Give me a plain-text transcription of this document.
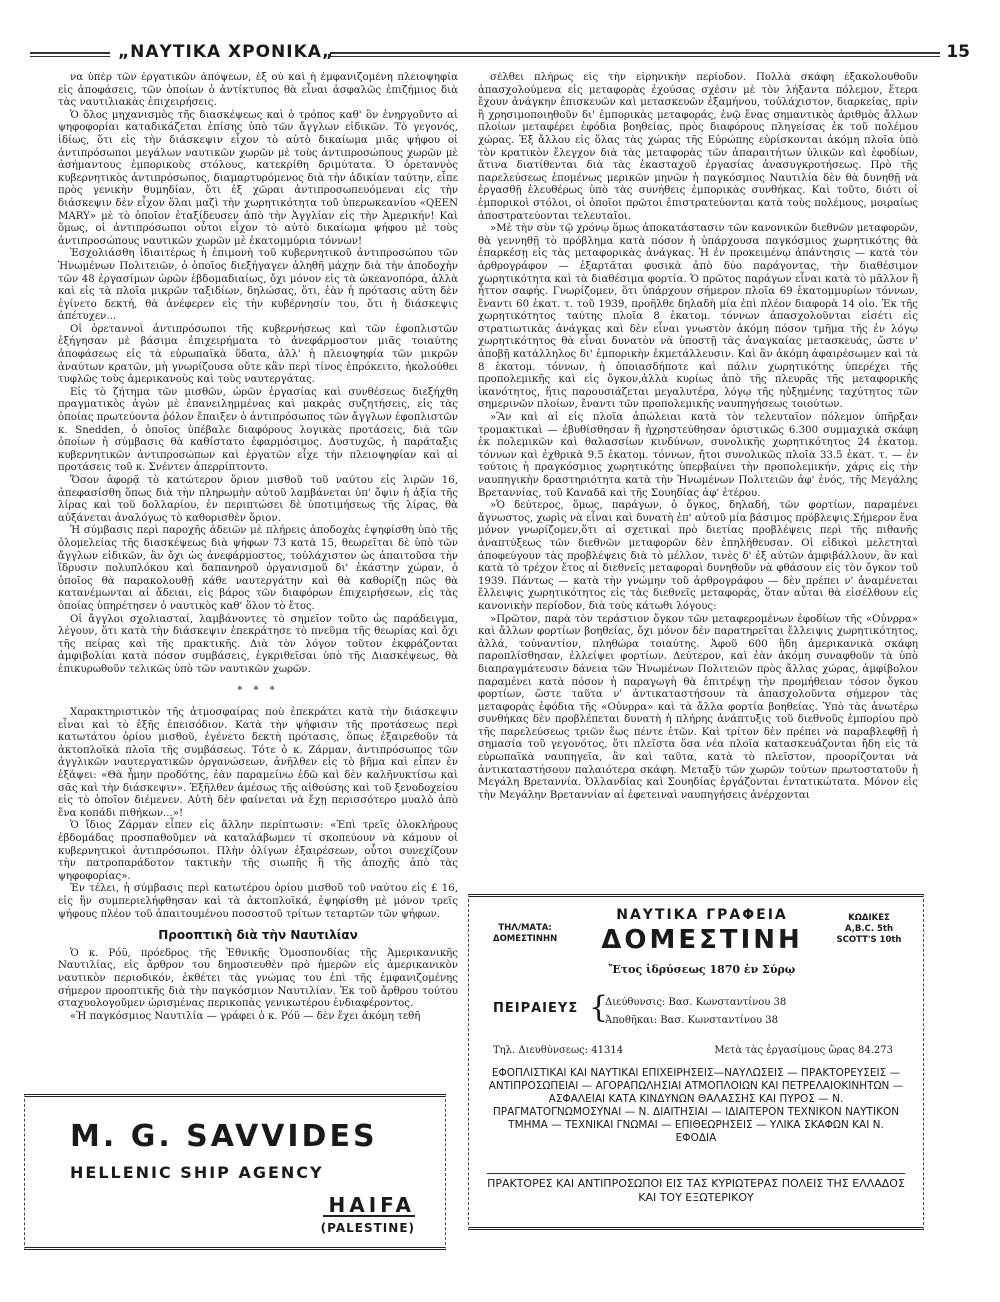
„ΝΑΥΤΙΚΑ ΧΡΟΝΙΚΑ„	15

να ὑπὲρ τῶν ἐργατικῶν ἀπόψεων, ἐξ οὗ καὶ ἡ ἐμφανιζομένη πλειοψηφία εἰς ἀποφάσεις, τῶν ὁποίων ὁ ἀντίκτυπος θὰ εἶναι ἀσφαλῶς ἐπιζήμιος διὰ τὰς ναυτιλιακὰς ἐπιχειρήσεις.

Ὁ ὅλος μηχανισμὸς τῆς διασκέψεως καὶ ὁ τρόπος καθ' ὃν ἐνηργοῦντο αἱ ψηφοφορίαι καταδικάζεται ἐπίσης ὑπὸ τῶν ἄγγλων εἰδικῶν. Τὸ γεγονός, ἰδίως, ὅτι εἰς τὴν διάσκεψιν εἶχον τὸ αὐτὸ δικαίωμα μιᾶς ψήφου οἱ ἀντιπρόσωποι μεγάλων ναυτικῶν χωρῶν μὲ τοὺς ἀντιπροσώπους χωρῶν μὲ ἀσήμαντους ἐμπορικοὺς στόλους, κατεκρίθη δριμύτατα. Ὁ ὁρεταννὸς κυβερνητικὸς ἀντιπρόσωπος, διαμαρτυρόμενος διὰ τὴν ἀδικίαν ταύτην, εἶπε πρὸς γενικὴν θυμηδίαν, ὅτι ἐξ χῶραι ἀντιπροσωπευόμεναι εἰς τὴν διάσκεψιν δὲν εἶχον ὅλαι μαζὶ τὴν χωρητικότητα τοῦ ὑπερωκεανίου «QEEN MARY» μὲ τὸ ὁποῖον ἐταξίδευσεν ἀπὸ τὴν Ἀγγλίαν εἰς τὴν Ἀμερικήν! Καὶ ὅμως, οἱ ἀντιπρόσωποι οὗτοι εἶχον τὸ αὐτὸ δικαίωμα ψήφου μὲ τοὺς ἀντιπροσώπους ναυτικῶν χωρῶν μὲ ἑκατομμύρια τόννων!

Ἐσχολιάσθη ἰδιαιτέρως ἡ ἐπιμονὴ τοῦ κυβερνητικοῦ ἀντιπροσώπου τῶν Ἡνωμένων Πολιτειῶν, ὁ ὁποῖος διεξήγαγεν ἀληθῆ μάχην διὰ τὴν ἀποδοχὴν τῶν 48 ἐργασίμων ὡρῶν ἑβδομαδιαίως, ὄχι μόνον εἰς τὰ ὠκεανοπόρα, ἀλλὰ καὶ εἰς τὰ πλοῖα μικρῶν ταξιδίων, δηλώσας, ὅτι, ἐὰν ἡ πρότασις αὕτη δὲν ἐγίνετο δεκτή, θὰ ἀνέφερεν εἰς τὴν κυβέρνησίν του, ὅτι ἡ διάσκεψις ἀπέτυχεν...

Οἱ ὁρεταννοὶ ἀντιπρόσωποι τῆς κυβερνήσεως καὶ τῶν ἐφοπλιστῶν ἐξήγησαν μὲ βάσιμα ἐπιχειρήματα τὸ ἀνεφάρμοστον μιᾶς τοιαύτης ἀποφάσεως εἰς τὰ εὐρωπαϊκὰ ὕδατα, ἀλλ' ἡ πλειοψηφία τῶν μικρῶν ἀναύτων κρατῶν, μὴ γνωρίζουσα οὔτε κἂν περὶ τίνος ἐπρόκειτο, ἠκολούθει τυφλῶς τοὺς ἀμερικανοὺς καὶ τοὺς ναυτεργάτας.

Εἰς τὸ ζήτημα τῶν μισθῶν, ὡρῶν ἐργασίας καὶ συνθέσεως διεξήχθη πραγματικὸς ἀγὼν μὲ ἐπανειλημμένας καὶ μακρὰς συζητήσεις, εἰς τὰς ὁποίας πρωτεύοντα ῥόλον ἔπαιξεν ὁ ἀντιπρόσωπος τῶν ἄγγλων ἐφοπλιστῶν κ. Snedden, ὁ ὁποῖος ὑπέβαλε διαφόρους λογικὰς προτάσεις, διὰ τῶν ὁποίων ἡ σύμβασις θὰ καθίστατο ἐφαρμόσιμος. Δυστυχῶς, ἡ παράταξις κυβερνητικῶν ἀντιπροσώπων καὶ ἐργατῶν εἶχε τὴν πλειοψηφίαν καὶ αἱ προτάσεις τοῦ κ. Σνέντεν ἀπερρίπτοντο.

Ὅσον ἀφορᾷ τὸ κατώτερον ὅριον μισθοῦ τοῦ ναύτου εἰς λιρῶν 16, ἀπεφασίσθη ὅπως διὰ τὴν πληρωμὴν αὐτοῦ λαμβάνεται ὑπ' ὄψιν ἡ ἀξία τῆς λίρας καὶ τοῦ δολλαρίου, ἐν περιπτώσει δὲ ὑποτιμήσεως τῆς λίρας, θὰ αὐξάνεται ἀναλόγως τὸ καθορισθὲν ὅριον.

Ἡ σύμβασις περὶ παροχῆς ἀδειῶν μὲ πλήρεις ἀποδοχὰς ἐψηφίσθη ὑπὸ τῆς ὁλομελείας τῆς διασκέψεως διὰ ψήφων 73 κατὰ 15, θεωρεῖται δὲ ὑπὸ τῶν ἄγγλων εἰδικῶν, ἂν ὄχι ὡς ἀνεφάρμοστος, τοὐλάχιστον ὡς ἀπαιτοῦσα τὴν ἵδρυσιν πολυπλόκου καὶ δαπανηροῦ ὀργανισμοῦ δι' ἑκάστην χώραν, ὁ ὁποῖος θὰ παρακολουθῇ κάθε ναυτεργάτην καὶ θὰ καθορίζῃ πῶς θὰ κατανέμωνται αἱ ἄδειαι, εἰς βάρος τῶν διαφόρων ἐπιχειρήσεων, εἰς τὰς ὁποίας ὑπηρέτησεν ὁ ναυτικὸς καθ' ὅλον τὸ ἔτος.

Οἱ ἄγγλοι σχολιασταί, λαμβάνοντες τὸ σημεῖον τοῦτο ὡς παράδειγμα, λέγουν, ὅτι κατὰ τὴν διάσκεψιν ἐπεκράτησε τὸ πνεῦμα τῆς θεωρίας καὶ ὄχι τῆς πείρας καὶ τῆς πρακτικῆς. Διὰ τὸν λόγον τοῦτον ἐκφράζονται ἀμφιβολίαι κατὰ πόσον συμβάσεις, ἐγκριθεῖσαι ὑπὸ τῆς Διασκέψεως, θὰ ἐπικυρωθοῦν τελικῶς ὑπὸ τῶν ναυτικῶν χωρῶν.

* * *

Χαρακτηριστικὸν τῆς ἀτμοσφαίρας ποὺ ἐπεκράτει κατὰ τὴν διάσκεψιν εἶναι καὶ τὸ ἑξῆς ἐπεισόδιον. Κατὰ τὴν ψήφισιν τῆς προτάσεως περὶ κατωτάτου ὁρίου μισθοῦ, ἐγένετο δεκτὴ πρότασις, ὅπως ἐξαιρεθοῦν τὰ ἀκτοπλοϊκὰ πλοῖα τῆς συμβάσεως. Τότε ὁ κ. Ζάρμαν, ἀντιπρόσωπος τῶν ἀγγλικῶν ναυτεργατικῶν ὀργανώσεων, ἀνῆλθεν εἰς τὸ βῆμα καὶ εἶπεν ἐν ἐξάψει: «Θὰ ἦμην προδότης, ἐὰν παραμείνω ἐδῶ καὶ δὲν καλῆνυκτίσω καὶ σᾶς καὶ τὴν διάσκεψιν». Ἐξῆλθεν ἀμέσως τῆς αἰθούσης καὶ τοῦ ξενοδοχείου εἰς τὸ ὁποῖον διέμενεν. Αὐτὴ δὲν φαίνεται νὰ ἔχῃ περισσότερο μυαλὸ ἀπὸ ἕνα κοπάδι πιθήκων...»!

Ὁ ἴδιος Ζάρμαν εἶπεν εἰς ἄλλην περίπτωσιν: «Ἐπὶ τρεῖς ὁλοκλήρους ἑβδομάδας προσπαθοῦμεν νὰ καταλάβωμεν τί σκοπεύουν νὰ κάμουν οἱ κυβερνητικοὶ ἀντιπρόσωποι. Πλὴν ὀλίγων ἐξαιρέσεων, οὗτοι συνεχίζουν τὴν πατροπαράδοτον τακτικὴν τῆς σιωπῆς ἢ τῆς ἀποχῆς ἀπὸ τὰς ψηφοφορίας».

Ἐν τέλει, ἡ σύμβασις περὶ κατωτέρου ὁρίου μισθοῦ τοῦ ναύτου εἰς £ 16, εἰς ἣν συμπεριελήφθησαν καὶ τὰ ἀκτοπλοϊκά, ἐψηφίσθη μὲ μόνον τρεῖς ψήφους πλέον τοῦ ἀπαιτουμένου ποσοστοῦ τρίτων τεταρτῶν τῶν ψήφων.

Προοπτικὴ διὰ τὴν Ναυτιλίαν

Ὁ κ. Ρόϋ, πρόεδρος τῆς Ἐθνικῆς Ὁμοσπονδίας τῆς Ἀμερικανικῆς Ναυτιλίας, εἰς ἄρθρον του δημοσιευθὲν πρὸ ἡμερῶν εἰς ἀμερικανικὸν ναυτικὸν περιοδικόν, ἐκθέτει τὰς γνώμας του ἐπὶ τῆς ἐμφανιζομένης σήμερον προοπτικῆς διὰ τὴν παγκόσμιον Ναυτιλίαν. Ἐκ τοῦ ἄρθρου τούτου σταχυολογοῦμεν ὡρισμένας περικοπὰς γενικωτέρου ἐνδιαφέροντος.

«Ἡ παγκόσμιος Ναυτιλία — γράφει ὁ κ. Ρόϋ — δὲν ἔχει ἀκόμη τεθῆ

σέλθει πλήρως εἰς τὴν εἰρηνικὴν περίοδον. Πολλὰ σκάφη ἐξακολουθοῦν ἀπασχολούμενα εἰς μεταφορὰς ἐχούσας σχέσιν μὲ τὸν λήξαντα πόλεμον, ἕτερα ἔχουν ἀνάγκην ἐπισκευῶν καὶ μετασκευῶν ἐξαμήνου, τοὐλάχιστον, διαρκείας, πρὶν ἢ χρησιμοποιηθοῦν δι' ἐμπορικὰς μεταφοράς, ἐνῷ ἕνας σημαντικὸς ἀριθμὸς ἄλλων πλοίων μεταφέρει ἐφόδια βοηθείας, πρὸς διαφόρους πληγείσας ἐκ τοῦ πολέμου χώρας. Ἐξ ἄλλου εἰς ὅλας τὰς χώρας τῆς Εὐρώπης εὑρίσκονται ἀκόμη πλοῖα ὑπὸ τὸν κρατικὸν ἔλεγχον διὰ τὰς μεταφορὰς τῶν ἀπαραιτήτων ὑλικῶν καὶ ἐφοδίων, ἅτινα διατίθενται διὰ τὰς ἑκασταχοῦ ἐργασίας ἀνασυγκροτήσεως. Πρὸ τῆς παρελεύσεως ἑπομένως μερικῶν μηνῶν ἡ παγκόσμιος Ναυτιλία δὲν θὰ δυνηθῇ νὰ ἐργασθῇ ἐλευθέρως ὑπὸ τὰς συνήθεις ἐμπορικὰς συνθήκας. Καὶ τοῦτο, διότι οἱ ἐμπορικοὶ στόλοι, οἱ ὁποῖοι πρῶτοι ἐπιστρατεύονται κατὰ τοὺς πολέμους, μοιραίως ἀποστρατεύονται τελευταῖοι.

»Μὲ τὴν σὺν τῷ χρόνῳ ὅμως ἀποκατάστασιν τῶν κανονικῶν διεθνῶν μεταφορῶν, θὰ γεννηθῇ τὸ πρόβλημα κατὰ πόσον ἡ ὑπάρχουσα παγκόσμιος χωρητικότης θὰ ἐπαρκέσῃ εἰς τὰς μεταφορικὰς ἀνάγκας. Ἡ ἐν προκειμένῳ ἀπάντησις — κατὰ τὸν ἀρθρογράφον — ἐξαρτᾶται φυσικὰ ἀπὸ δύο παράγοντας, τὴν διαθέσιμον χωρητικότητα καὶ τὰ διαθέσιμα φορτία. Ὁ πρῶτος παράγων εἶναι κατὰ τὸ μᾶλλον ἢ ἧττον σαφής. Γνωρίζομεν, ὅτι ὑπάρχουν σήμερον πλοῖα 69 ἑκατομμυρίων τόννων, ἔναντι 60 ἑκατ. τ. τοῦ 1939, προῆλθε δηλαδὴ μία ἐπὶ πλέον διαφορὰ 14 οἱο. Ἐκ τῆς χωρητικότητος ταύτης πλοῖα 8 ἑκατομ. τόννων ἀπασχολοῦνται εἰσέτι εἰς στρατιωτικὰς ἀνάγκας καὶ δὲν εἶναι γνωστὸν ἀκόμη πόσον τμῆμα τῆς ἐν λόγῳ χωρητικότητος θὰ εἶναι δυνατὸν νὰ ὑποστῇ τὰς ἀναγκαίας μετασκευάς, ὥστε ν' ἀποβῇ κατάλληλος δι' ἐμπορικὴν ἐκμετάλλευσιν. Καὶ ἂν ἀκόμη ἀφαιρέσωμεν καὶ τὰ 8 ἑκατομ. τόννων, ἡ ὁποιασδήποτε καὶ πάλιν χωρητικότης ὑπερέχει τῆς προπολεμικῆς καὶ εἰς ὄγκον,ἀλλὰ κυρίως ἀπὸ τῆς πλευρᾶς τῆς μεταφορικῆς ἱκανότητος, ἥτις παρουσιάζεται μεγαλυτέρα, λόγῳ τῆς ηὐξημένης ταχύτητος τῶν σημερινῶν πλοίων, ἔναντι τῶν προπολεμικῆς ναυπηγήσεως τοιούτων.

»Ἂν καὶ αἱ εἰς πλοῖα ἀπώλειαι κατὰ τὸν τελευταῖον πόλεμον ὑπῆρξαν τρομακτικαὶ — ἐβυθίσθησαν ἢ ἠχρηστεύθησαν ὁριστικῶς 6.300 συμμαχικὰ σκάφη ἐκ πολεμικῶν καὶ θαλασσίων κινδύνων, συνολικῆς χωρητικότητος 24 ἑκατομ. τόννων καὶ ἐχθρικὰ 9.5 ἑκατομ. τόννων, ἤτοι συνολικῶς πλοῖα 33.5 ἑκατ. τ. — ἐν τούτοις ἡ πραγκόσμιος χωρητικότης ὑπερβαίνει τὴν προπολεμικήν, χάρις εἰς τὴν ναυπηγικὴν δραστηριότητα κατὰ τὴν Ἡνωμένων Πολιτειῶν ἀφ' ἑνός, τῆς Μεγάλης Βρεταννίας, τοῦ Καναδᾶ καὶ τῆς Σουηδίας ἀφ' ἑτέρου.

»Ὁ δεύτερος, ὅμως, παράγων, ὁ ὄγκος, δηλαδή, τῶν φορτίων, παραμένει ἄγνωστος, χωρὶς νὰ εἶναι καὶ δυνατὴ ἐπ' αὐτοῦ μία βάσιμος πρόβλεψις.Σήμερον ἕνα μόνον γνωρίζομεν,ὅτι αἱ σχετικαὶ πρὸ διετίας προβλέψεις περὶ τῆς πιθανῆς ἀναπτύξεως τῶν διεθνῶν μεταφορῶν δὲν ἐπηλήθευσαν. Οἱ εἰδικοὶ μελετηταὶ ἀποφεύγουν τὰς προβλέψεις διὰ τὸ μέλλον, τινὲς δ' ἐξ αὐτῶν ἀμφιβάλλουν, ἂν καὶ κατὰ τὸ τρέχον ἔτος αἱ διεθνεῖς μεταφοραὶ δυνηθοῦν νὰ φθάσουν εἰς τὸν ὄγκον τοῦ 1939. Πάντως — κατὰ τὴν γνώμην τοῦ ἀρθρογράφου — δὲν πρέπει ν' ἀναμένεται ἔλλειψις χωρητικότητος εἰς τὰς διεθνεῖς μεταφοράς, ὅταν αὗται θὰ εἰσέλθουν εἰς κανονικὴν περίοδον, διὰ τοὺς κάτωθι λόγους:

»Πρῶτον, παρὰ τὸν τεράστιον ὄγκον τῶν μεταφερομένων ἐφοδίων τῆς «Οὐνρρα» καὶ ἄλλων φορτίων βοηθείας, ὄχι μόνον δὲν παρατηρεῖται ἔλλειψις χωρητικότητος, ἀλλά, τοὐναντίον, πληθώρα τοιαύτης. Ἀφοῦ 600 ἢδη ἀμερικανικὰ σκάφη παροπλίσθησαν, ἐλλείψει φορτίων. Δεύτερον, καὶ ἐὰν ἀκόμη συναφθοῦν τὰ ὑπὸ διαπραγμάτευσιν δάνεια τῶν Ἡνωμένων Πολιτειῶν πρὸς ἄλλας χώρας, ἀμφίβολον παραμένει κατὰ πόσον ἡ παραγωγὴ θὰ ἐπιτρέψῃ τὴν προμήθειαν τόσον ὄγκου φορτίων, ὥστε ταῦτα ν' ἀντικαταστήσουν τὰ ἀπασχολοῦντα σήμερον τὰς μεταφορὰς ἐφόδια τῆς «Οὐνρρα» καὶ τὰ ἄλλα φορτία βοηθείας. Ὑπὸ τὰς ἀνωτέρω συνθήκας δὲν προβλέπεται δυνατὴ ἡ πλήρης ἀνάπτυξις τοῦ διεθνοῦς ἐμπορίου πρὸ τῆς παρελεύσεως τριῶν ἕως πέντε ἐτῶν. Καὶ τρίτον δὲν πρέπει νὰ παραβλεφθῇ ἡ σημασία τοῦ γεγονότος, ὅτι πλεῖστα ὅσα νέα πλοῖα κατασκευάζονται ἤδη εἰς τὰ εὐρωπαϊκὰ ναυπηγεῖα, ἂν καὶ ταῦτα, κατὰ τὸ πλεῖστον, προορίζονται νὰ ἀντικαταστήσουν παλαιότερα σκάφη. Μεταξὺ τῶν χωρῶν τούτων πρωτοστατοῦν ἡ Μεγάλη Βρεταννία. Ὀλλανδίας καὶ Σουηδίας ἐργάζονται ἐντατικώτατα. Μόνον εἰς τὴν Μεγάλην Βρεταννίαν αἱ ἐφετειναὶ ναυπηγήσεις ἀνέρχονται

M. G. SAVVIDES
HELLENIC SHIP AGENCY
HAIFA
(PALESTINE)
ΤΗΛ/ΜΑΤΑ:
ΔΟΜΕΣΤΙΝΗΝ
ΝΑΥΤΙΚΑ ΓΡΑΦΕΙΑ
ΔΟΜΕΣΤΙΝΗ
ΚΩΔΙΚΕΣ
A,B.C. 5th
SCOTT'S 10th
Ἔτος ἱδρύσεως 1870 ἐν Σύρῳ
ΠΕΙΡΑΙΕΥΣ {
Διεύθυνσις: Βασ. Κωνσταντίνου 38
Ἀποθῆκαι: Βασ. Κωνσταντίνου 38
Τηλ. Διευθύνσεως: 41314	Μετὰ τὰς ἐργασίμους ὥρας 84.273
ΕΦΟΠΛΙΣΤΙΚΑΙ ΚΑΙ ΝΑΥΤΙΚΑΙ ΕΠΙΧΕΙΡΗΣΕΙΣ—ΝΑΥΛΩΣΕΙΣ — ΠΡΑΚΤΟΡΕΥΣΕΙΣ — ΑΝΤΙΠΡΟΣΩΠΕΙΑΙ — ΑΓΟΡΑΠΩΛΗΣΙΑΙ ΑΤΜΟΠΛΟΙΩΝ ΚΑΙ ΠΕΤΡΕΛΑΙΟΚΙΝΗΤΩΝ — ΑΣΦΑΛΕΙΑΙ ΚΑΤΑ ΚΙΝΔΥΝΩΝ ΘΑΛΑΣΣΗΣ ΚΑΙ ΠΥΡΟΣ — Ν. ΠΡΑΓΜΑΤΟΓΝΩΜΟΣΥΝΑΙ — Ν. ΔΙΑΙΤΗΣΙΑΙ — ΙΔΙΑΙΤΕΡΟΝ ΤΕΧΝΙΚΟΝ ΝΑΥΤΙΚΟΝ ΤΜΗΜΑ — ΤΕΧΝΙΚΑΙ ΓΝΩΜΑΙ — ΕΠΙΘΕΩΡΗΣΕΙΣ — ΥΛΙΚΑ ΣΚΑΦΩΝ ΚΑΙ Ν. ΕΦΟΔΙΑ
ΠΡΑΚΤΟΡΕΣ ΚΑΙ ΑΝΤΙΠΡΟΣΩΠΟΙ ΕΙΣ ΤΑΣ ΚΥΡΙΩΤΕΡΑΣ ΠΟΛΕΙΣ ΤΗΣ ΕΛΛΑΔΟΣ ΚΑΙ ΤΟΥ ΕΞΩΤΕΡΙΚΟΥ
